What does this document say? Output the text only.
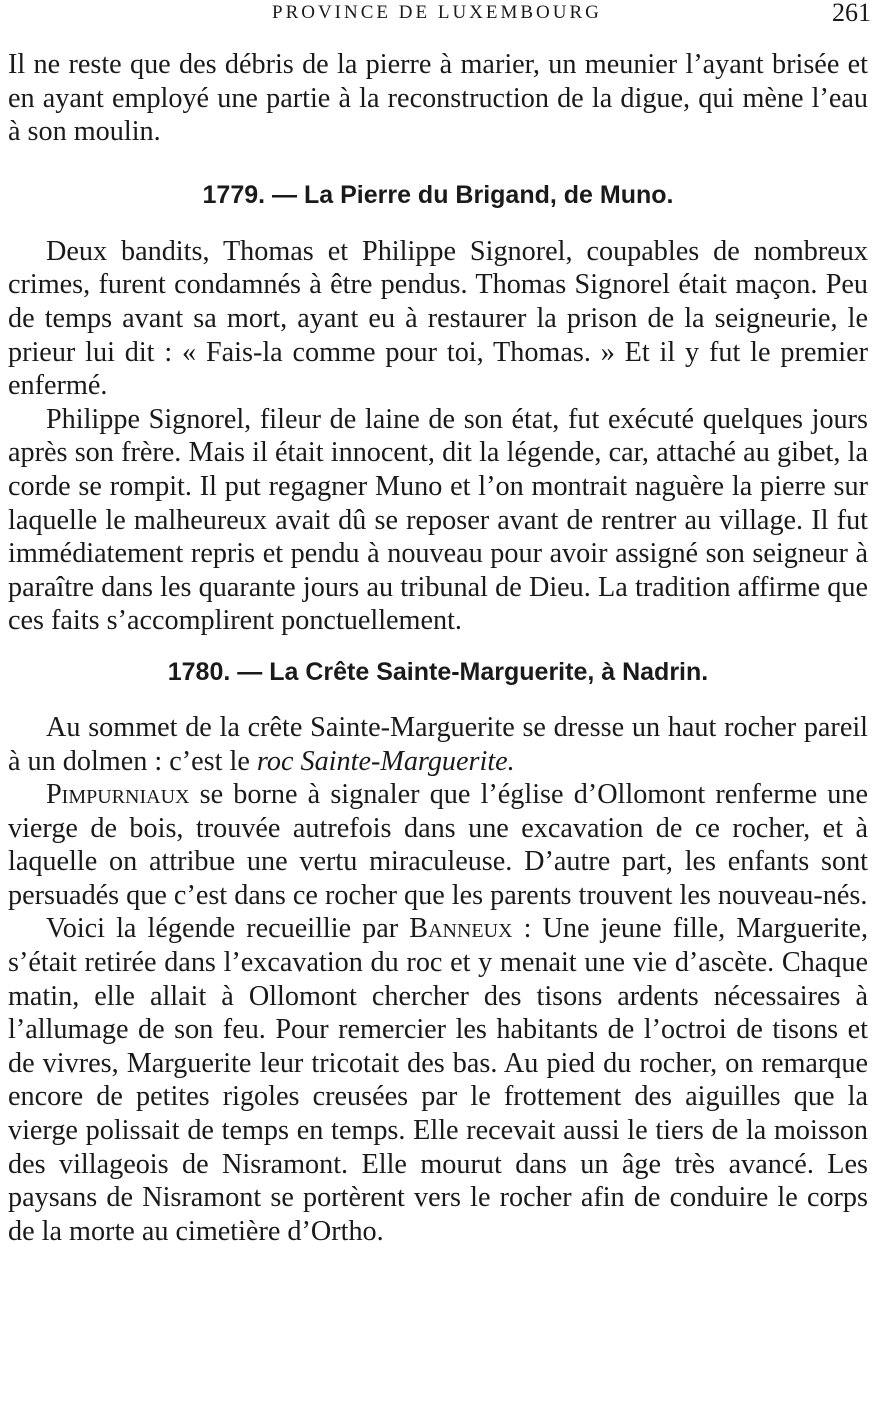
PROVINCE DE LUXEMBOURG	261

Il ne reste que des débris de la pierre à marier, un meunier l’ayant brisée et en ayant employé une partie à la reconstruction de la digue, qui mène l’eau à son moulin.

1779. — La Pierre du Brigand, de Muno.

Deux bandits, Thomas et Philippe Signorel, coupables de nombreux crimes, furent condamnés à être pendus. Thomas Signorel était maçon. Peu de temps avant sa mort, ayant eu à restaurer la prison de la seigneurie, le prieur lui dit : « Fais-la comme pour toi, Thomas. » Et il y fut le premier enfermé.

Philippe Signorel, fileur de laine de son état, fut exécuté quelques jours après son frère. Mais il était innocent, dit la légende, car, attaché au gibet, la corde se rompit. Il put regagner Muno et l’on montrait naguère la pierre sur laquelle le malheureux avait dû se reposer avant de rentrer au village. Il fut immédiatement repris et pendu à nouveau pour avoir assigné son seigneur à paraître dans les quarante jours au tribunal de Dieu. La tradition affirme que ces faits s’accomplirent ponctuellement.

1780. — La Crête Sainte-Marguerite, à Nadrin.

Au sommet de la crête Sainte-Marguerite se dresse un haut rocher pareil à un dolmen : c’est le roc Sainte-Marguerite.

Pimpurniaux se borne à signaler que l’église d’Ollomont renferme une vierge de bois, trouvée autrefois dans une excavation de ce rocher, et à laquelle on attribue une vertu miraculeuse. D’autre part, les enfants sont persuadés que c’est dans ce rocher que les parents trouvent les nouveau-nés.

Voici la légende recueillie par Banneux : Une jeune fille, Marguerite, s’était retirée dans l’excavation du roc et y menait une vie d’ascète. Chaque matin, elle allait à Ollomont chercher des tisons ardents nécessaires à l’allumage de son feu. Pour remercier les habitants de l’octroi de tisons et de vivres, Marguerite leur tricotait des bas. Au pied du rocher, on remarque encore de petites rigoles creusées par le frottement des aiguilles que la vierge polissait de temps en temps. Elle recevait aussi le tiers de la moisson des villageois de Nisramont. Elle mourut dans un âge très avancé. Les paysans de Nisramont se portèrent vers le rocher afin de conduire le corps de la morte au cimetière d’Ortho.
